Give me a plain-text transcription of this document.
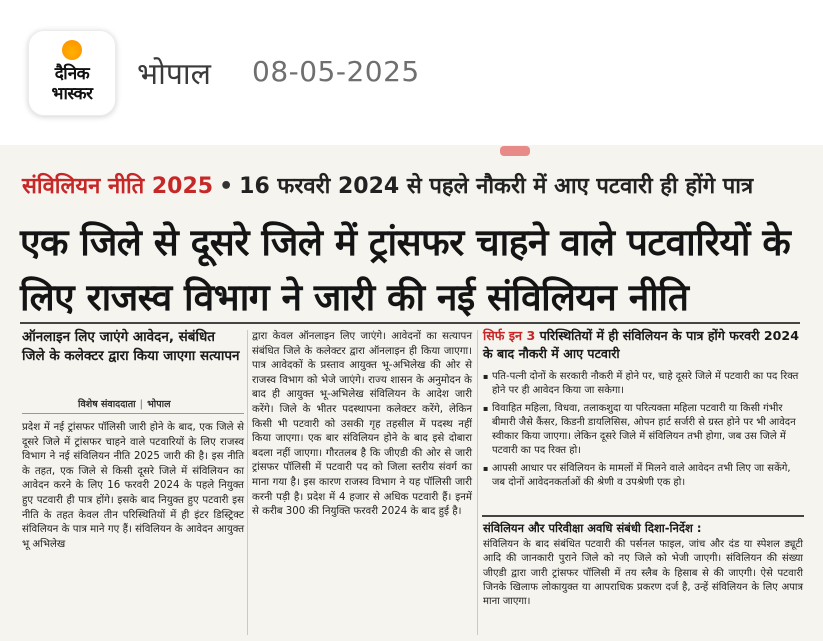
दैनिक
भास्कर
भोपाल 08-05-2025
संविलियन नीति 2025 • 16 फरवरी 2024 से पहले नौकरी में आए पटवारी ही होंगे पात्र
एक जिले से दूसरे जिले में ट्रांसफर चाहने वाले पटवारियों के लिए राजस्व विभाग ने जारी की नई संविलियन नीति
ऑनलाइन लिए जाएंगे आवेदन, संबंधित जिले के कलेक्टर द्वारा किया जाएगा सत्यापन
विशेष संवाददाता | भोपाल
प्रदेश में नई ट्रांसफर पॉलिसी जारी होने के बाद, एक जिले से दूसरे जिले में ट्रांसफर चाहने वाले पटवारियों के लिए राजस्व विभाग ने नई संविलियन नीति 2025 जारी की है। इस नीति के तहत, एक जिले से किसी दूसरे जिले में संविलियन का आवेदन करने के लिए 16 फरवरी 2024 के पहले नियुक्त हुए पटवारी ही पात्र होंगे। इसके बाद नियुक्त हुए पटवारी इस नीति के तहत केवल तीन परिस्थितियों में ही इंटर डिस्ट्रिक्ट संविलियन के पात्र माने गए हैं। संविलियन के आवेदन आयुक्त भू अभिलेख
द्वारा केवल ऑनलाइन लिए जाएंगे। आवेदनों का सत्यापन संबंधित जिले के कलेक्टर द्वारा ऑनलाइन ही किया जाएगा। पात्र आवेदकों के प्रस्ताव आयुक्त भू-अभिलेख की ओर से राजस्व विभाग को भेजे जाएंगे। राज्य शासन के अनुमोदन के बाद ही आयुक्त भू-अभिलेख संविलियन के आदेश जारी करेंगे। जिले के भीतर पदस्थापना कलेक्टर करेंगे, लेकिन किसी भी पटवारी को उसकी गृह तहसील में पदस्थ नहीं किया जाएगा। एक बार संविलियन होने के बाद इसे दोबारा बदला नहीं जाएगा। गौरतलब है कि जीएडी की ओर से जारी ट्रांसफर पॉलिसी में पटवारी पद को जिला स्तरीय संवर्ग का माना गया है। इस कारण राजस्व विभाग ने यह पॉलिसी जारी करनी पड़ी है। प्रदेश में 4 हजार से अधिक पटवारी हैं। इनमें से करीब 300 की नियुक्ति फरवरी 2024 के बाद हुई है।
सिर्फ इन 3 परिस्थितियों में ही संविलियन के पात्र होंगे फरवरी 2024 के बाद नौकरी में आए पटवारी

▪ पति-पत्नी दोनों के सरकारी नौकरी में होने पर, चाहे दूसरे जिले में पटवारी का पद रिक्त होने पर ही आवेदन किया जा सकेगा।

▪ विवाहित महिला, विधवा, तलाकशुदा या परित्यक्ता महिला पटवारी या किसी गंभीर बीमारी जैसे कैंसर, किडनी डायलिसिस, ओपन हार्ट सर्जरी से ग्रस्त होने पर भी आवेदन स्वीकार किया जाएगा। लेकिन दूसरे जिले में संविलियन तभी होगा, जब उस जिले में पटवारी का पद रिक्त हो।

▪ आपसी आधार पर संविलियन के मामलों में मिलने वाले आवेदन तभी लिए जा सकेंगे, जब दोनों आवेदनकर्ताओं की श्रेणी व उपश्रेणी एक हो।

संविलियन और परिवीक्षा अवधि संबंधी दिशा-निर्देश :
संविलियन के बाद संबंधित पटवारी की पर्सनल फाइल, जांच और दंड या स्पेशल ड्यूटी आदि की जानकारी पुराने जिले को नए जिले को भेजी जाएगी। संविलियन की संख्या जीएडी द्वारा जारी ट्रांसफर पॉलिसी में तय स्लैब के हिसाब से की जाएगी। ऐसे पटवारी जिनके खिलाफ लोकायुक्त या आपराधिक प्रकरण दर्ज है, उन्हें संविलियन के लिए अपात्र माना जाएगा।
